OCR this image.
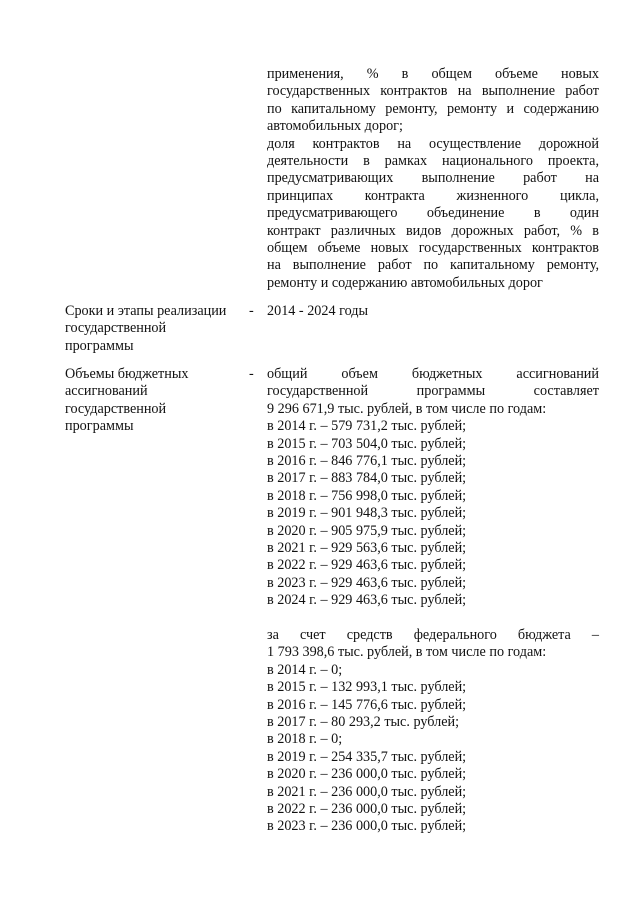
применения, % в общем объеме новых
государственных контрактов на выполнение работ
по капитальному ремонту, ремонту и содержанию
автомобильных дорог;
доля контрактов на осуществление дорожной
деятельности в рамках национального проекта,
предусматривающих выполнение работ на
принципах контракта жизненного цикла,
предусматривающего объединение в один
контракт различных видов дорожных работ, % в
общем объеме новых государственных контрактов
на выполнение работ по капитальному ремонту,
ремонту и содержанию автомобильных дорог
Сроки и этапы реализации
государственной
программы
- 2014 - 2024 годы
Объемы бюджетных
ассигнований
государственной
программы
- общий объем бюджетных ассигнований
государственной программы составляет
9 296 671,9 тыс. рублей, в том числе по годам:
в 2014 г. – 579 731,2 тыс. рублей;
в 2015 г. – 703 504,0 тыс. рублей;
в 2016 г. – 846 776,1 тыс. рублей;
в 2017 г. – 883 784,0 тыс. рублей;
в 2018 г. – 756 998,0 тыс. рублей;
в 2019 г. – 901 948,3 тыс. рублей;
в 2020 г. – 905 975,9 тыс. рублей;
в 2021 г. – 929 563,6 тыс. рублей;
в 2022 г. – 929 463,6 тыс. рублей;
в 2023 г. – 929 463,6 тыс. рублей;
в 2024 г. – 929 463,6 тыс. рублей;
за счет средств федерального бюджета –
1 793 398,6 тыс. рублей, в том числе по годам:
в 2014 г. – 0;
в 2015 г. – 132 993,1 тыс. рублей;
в 2016 г. – 145 776,6 тыс. рублей;
в 2017 г. – 80 293,2 тыс. рублей;
в 2018 г. – 0;
в 2019 г. – 254 335,7 тыс. рублей;
в 2020 г. – 236 000,0 тыс. рублей;
в 2021 г. – 236 000,0 тыс. рублей;
в 2022 г. – 236 000,0 тыс. рублей;
в 2023 г. – 236 000,0 тыс. рублей;
